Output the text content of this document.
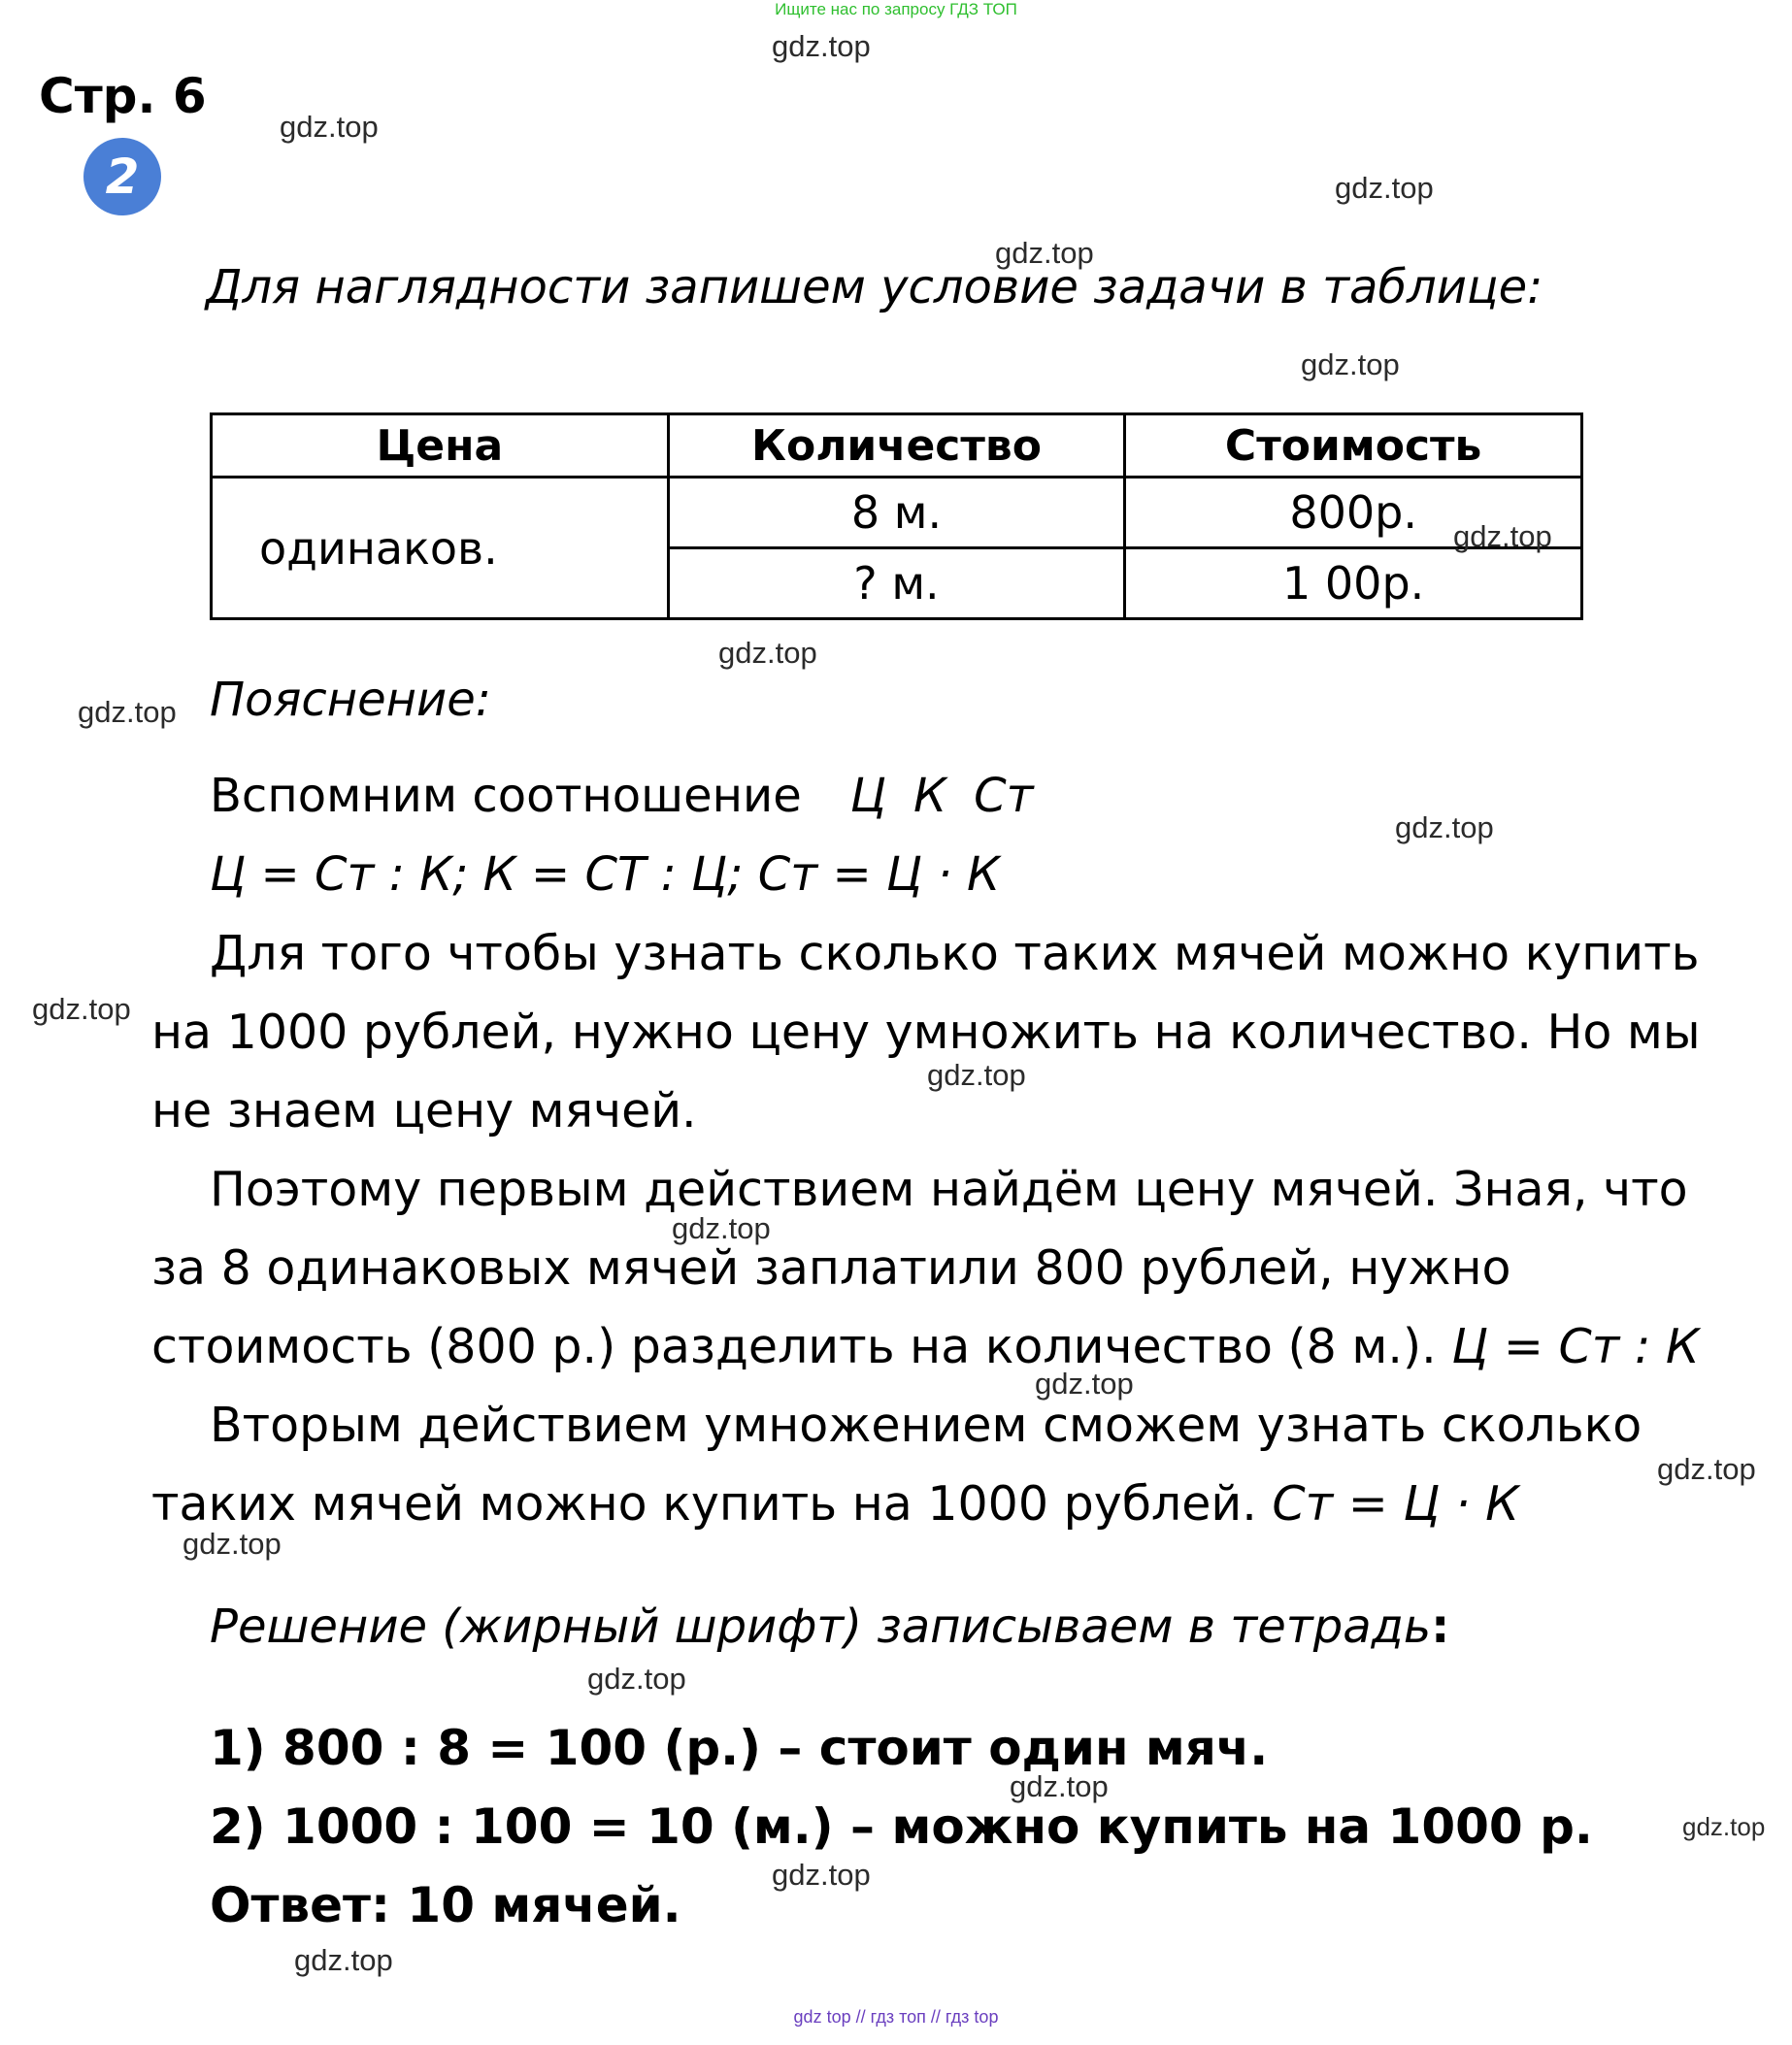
Ищите нас по запросу ГДЗ ТОП
Стр. 6
2
Для наглядности запишем условие задачи в таблице:
Цена	Количество	Стоимость
одинаков.	8 м.	800р.
	? м.	1 00р.
Пояснение:
Вспомним соотношение Ц К Ст
Ц = Ст : К; К = СТ : Ц; Ст = Ц · К
Для того чтобы узнать сколько таких мячей можно купить на 1000 рублей, нужно цену умножить на количество. Но мы не знаем цену мячей.
Поэтому первым действием найдём цену мячей. Зная, что за 8 одинаковых мячей заплатили 800 рублей, нужно стоимость (800 р.) разделить на количество (8 м.). Ц = Ст : К
Вторым действием умножением сможем узнать сколько таких мячей можно купить на 1000 рублей. Ст = Ц · К
Решение (жирный шрифт) записываем в тетрадь:
1) 800 : 8 = 100 (р.) – стоит один мяч.
2) 1000 : 100 = 10 (м.) – можно купить на 1000 р.
Ответ: 10 мячей.
gdz.top
gdz.top
gdz.top
gdz.top
gdz.top
gdz.top
gdz.top
gdz.top
gdz.top
gdz.top
gdz.top
gdz.top
gdz.top
gdz.top
gdz.top
gdz.top
gdz.top
gdz.top
gdz.top
gdz.top
gdz top // гдз топ // гдз top
